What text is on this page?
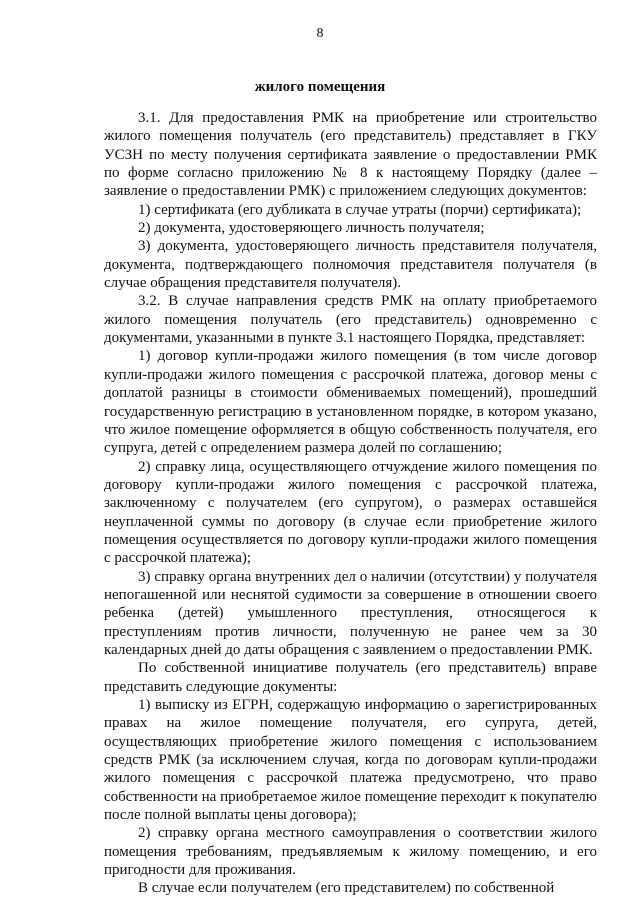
8
жилого помещения

3.1. Для предоставления РМК на приобретение или строительство жилого помещения получатель (его представитель) представляет в ГКУ УСЗН по месту получения сертификата заявление о предоставлении РМК по форме согласно приложению № 8 к настоящему Порядку (далее – заявление о предоставлении РМК) с приложением следующих документов:

1) сертификата (его дубликата в случае утраты (порчи) сертификата);

2) документа, удостоверяющего личность получателя;

3) документа, удостоверяющего личность представителя получателя, документа, подтверждающего полномочия представителя получателя (в случае обращения представителя получателя).

3.2. В случае направления средств РМК на оплату приобретаемого жилого помещения получатель (его представитель) одновременно с документами, указанными в пункте 3.1 настоящего Порядка, представляет:

1) договор купли-продажи жилого помещения (в том числе договор купли-продажи жилого помещения с рассрочкой платежа, договор мены с доплатой разницы в стоимости обмениваемых помещений), прошедший государственную регистрацию в установленном порядке, в котором указано, что жилое помещение оформляется в общую собственность получателя, его супруга, детей с определением размера долей по соглашению;

2) справку лица, осуществляющего отчуждение жилого помещения по договору купли-продажи жилого помещения с рассрочкой платежа, заключенному с получателем (его супругом), о размерах оставшейся неуплаченной суммы по договору (в случае если приобретение жилого помещения осуществляется по договору купли-продажи жилого помещения с рассрочкой платежа);

3) справку органа внутренних дел о наличии (отсутствии) у получателя непогашенной или неснятой судимости за совершение в отношении своего ребенка (детей) умышленного преступления, относящегося к преступлениям против личности, полученную не ранее чем за 30 календарных дней до даты обращения с заявлением о предоставлении РМК.

По собственной инициативе получатель (его представитель) вправе представить следующие документы:

1) выписку из ЕГРН, содержащую информацию о зарегистрированных правах на жилое помещение получателя, его супруга, детей, осуществляющих приобретение жилого помещения с использованием средств РМК (за исключением случая, когда по договорам купли-продажи жилого помещения с рассрочкой платежа предусмотрено, что право собственности на приобретаемое жилое помещение переходит к покупателю после полной выплаты цены договора);

2) справку органа местного самоуправления о соответствии жилого помещения требованиям, предъявляемым к жилому помещению, и его пригодности для проживания.

В случае если получателем (его представителем) по собственной
